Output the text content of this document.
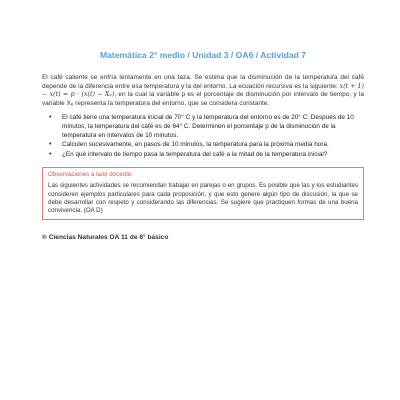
Matemática 2° medio / Unidad 3 / OA6 / Actividad 7

El café caliente se enfría lentamente en una taza. Se estima que la disminución de la temperatura del café depende de la diferencia entre esa temperatura y la del entorno. La ecuación recursiva es la siguiente: x(t + 1) − x(t) = p · (x(t) − Xₑ), en la cual la variable p es el porcentaje de disminución por intervalo de tiempo, y la variable Xₑ representa la temperatura del entorno, que se considera constante.

• El café tiene una temperatura inicial de 70° C y la temperatura del entorno es de 20° C. Después de 10 minutos, la temperatura del café es de 64° C. Determinen el porcentaje p de la disminución de la temperatura en intervalos de 10 minutos.
• Calculen sucesivamente, en pasos de 10 minutos, la temperatura para la próxima media hora.
• ¿En qué intervalo de tiempo pasa la temperatura del café a la mitad de la temperatura inicial?
Observaciones a la/el docente
Las siguientes actividades se recomiendan trabajar en parejas o en grupos. Es posible que las y los estudiantes consideren ejemplos particulares para cada proposición, y que esto genere algún tipo de discusión, la que se debe desarrollar con respeto y considerando las diferencias. Se sugiere que practiquen formas de una buena convivencia. (OA D)
® Ciencias Naturales OA 11 de 6° básico
